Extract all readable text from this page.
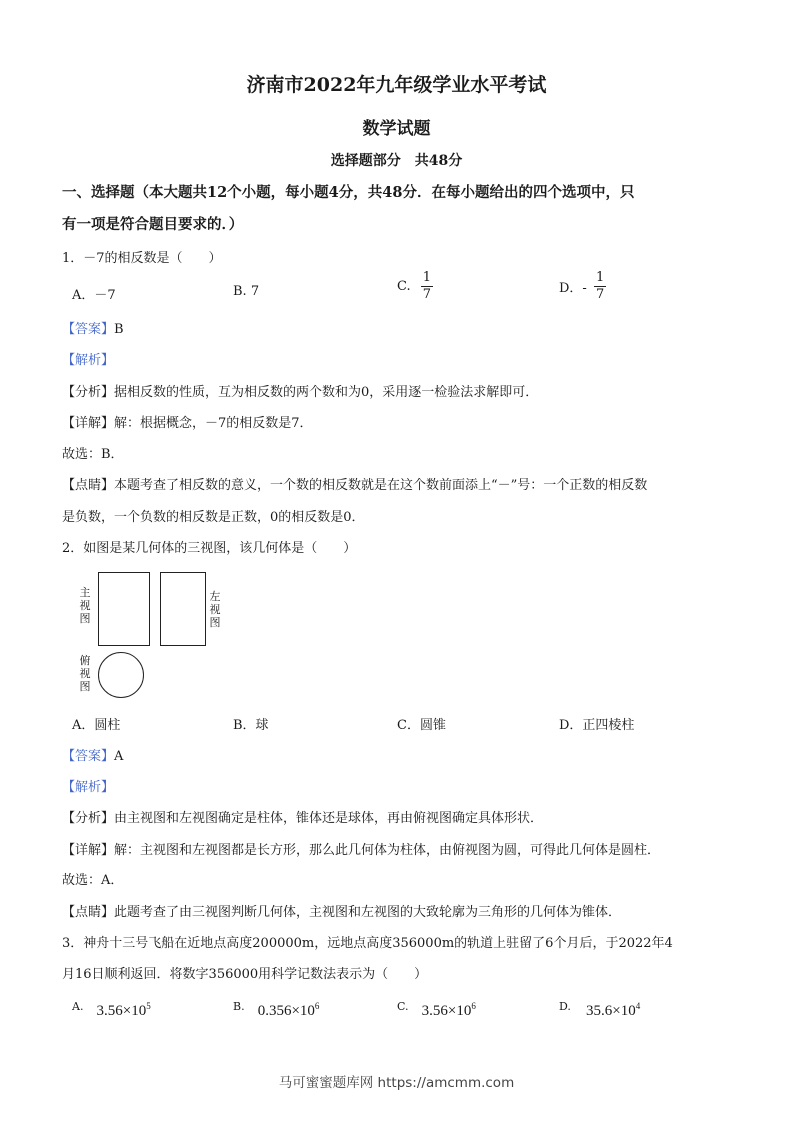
济南市2022年九年级学业水平考试
数学试题
选择题部分　共48分
一、选择题（本大题共12个小题，每小题4分，共48分．在每小题给出的四个选项中，只
有一项是符合题目要求的．）
1．－7的相反数是（　　）
A．－7	B. 7	C. $\frac{1}{7}$	D．- $\frac{1}{7}$
【答案】B
【解析】
【分析】据相反数的性质，互为相反数的两个数和为0，采用逐一检验法求解即可．
【详解】解：根据概念，－7的相反数是7．
故选：B．
【点睛】本题考查了相反数的意义，一个数的相反数就是在这个数前面添上“－”号：一个正数的相反数
是负数，一个负数的相反数是正数，0的相反数是0．
2．如图是某几何体的三视图，该几何体是（　　）
主视图
左视图
俯视图
A．圆柱	B．球	C．圆锥	D．正四棱柱
【答案】A
【解析】
【分析】由主视图和左视图确定是柱体，锥体还是球体，再由俯视图确定具体形状．
【详解】解：主视图和左视图都是长方形，那么此几何体为柱体，由俯视图为圆，可得此几何体是圆柱．
故选：A．
【点睛】此题考查了由三视图判断几何体，主视图和左视图的大致轮廓为三角形的几何体为锥体．
3．神舟十三号飞船在近地点高度200000m，远地点高度356000m的轨道上驻留了6个月后，于2022年4
月16日顺利返回．将数字356000用科学记数法表示为（　　）
$^{A.}$ $3.56\times 10^5$	$^{B.}$ $0.356\times 10^6$	$^{C.}$ $3.56\times 10^6$	$^{D.}$ $35.6\times 10^4$
马可蜜蜜题库网 https://amcmm.com
